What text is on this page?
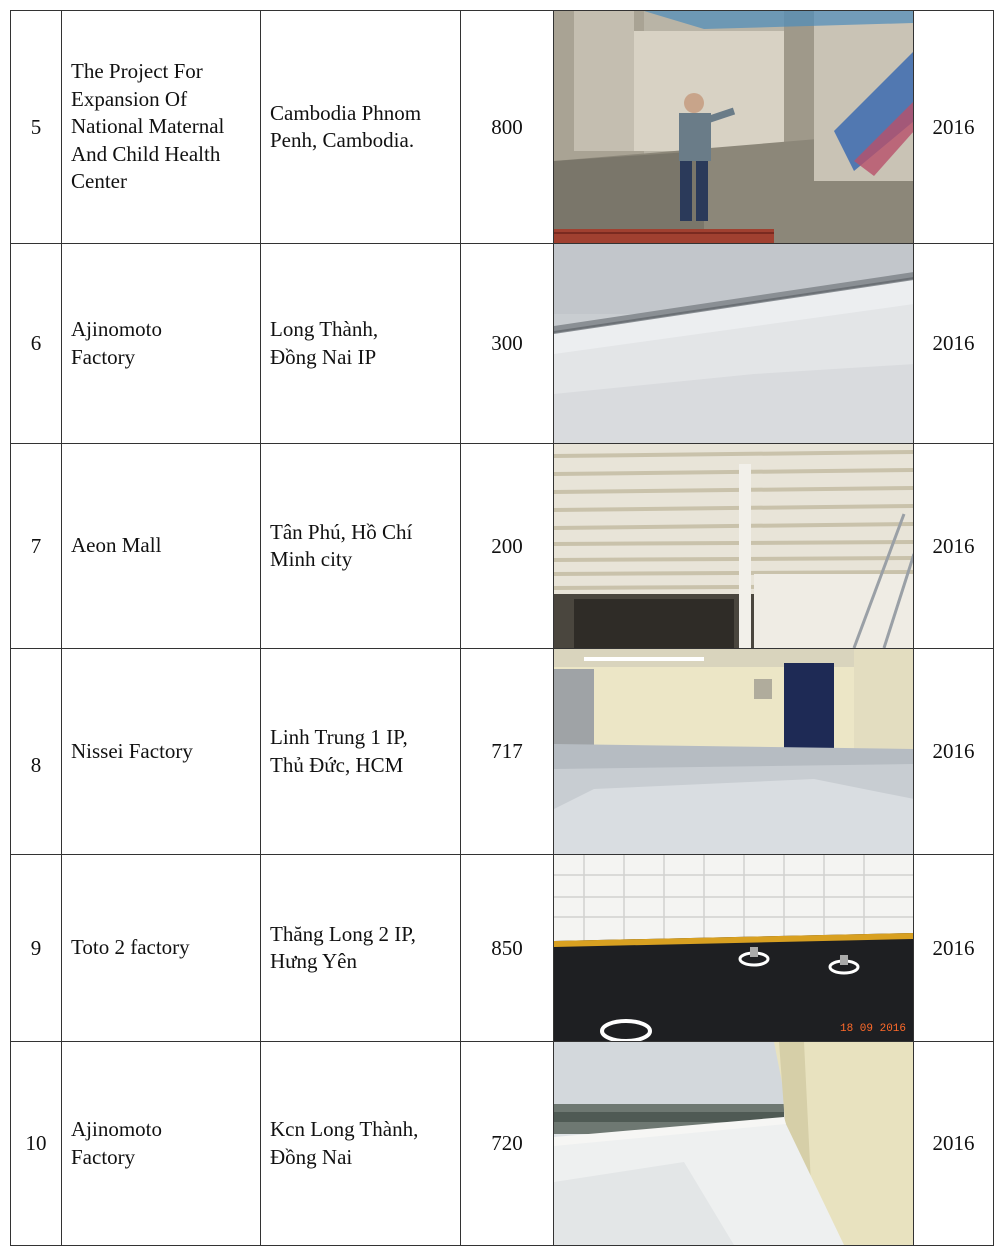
5	The Project For
Expansion Of
National Maternal
And Child Health
Center	Cambodia Phnom
Penh, Cambodia.	800		2016
6	Ajinomoto
Factory	Long Thành,
Đồng Nai IP	300		2016
7	Aeon Mall	Tân Phú, Hồ Chí
Minh city	200		2016
8	Nissei Factory	Linh Trung 1 IP,
Thủ Đức, HCM	717		2016
9	Toto 2 factory	Thăng Long 2 IP,
Hưng Yên	850	18 09 2016	2016
10	Ajinomoto
Factory	Kcn Long Thành,
Đồng Nai	720		2016
